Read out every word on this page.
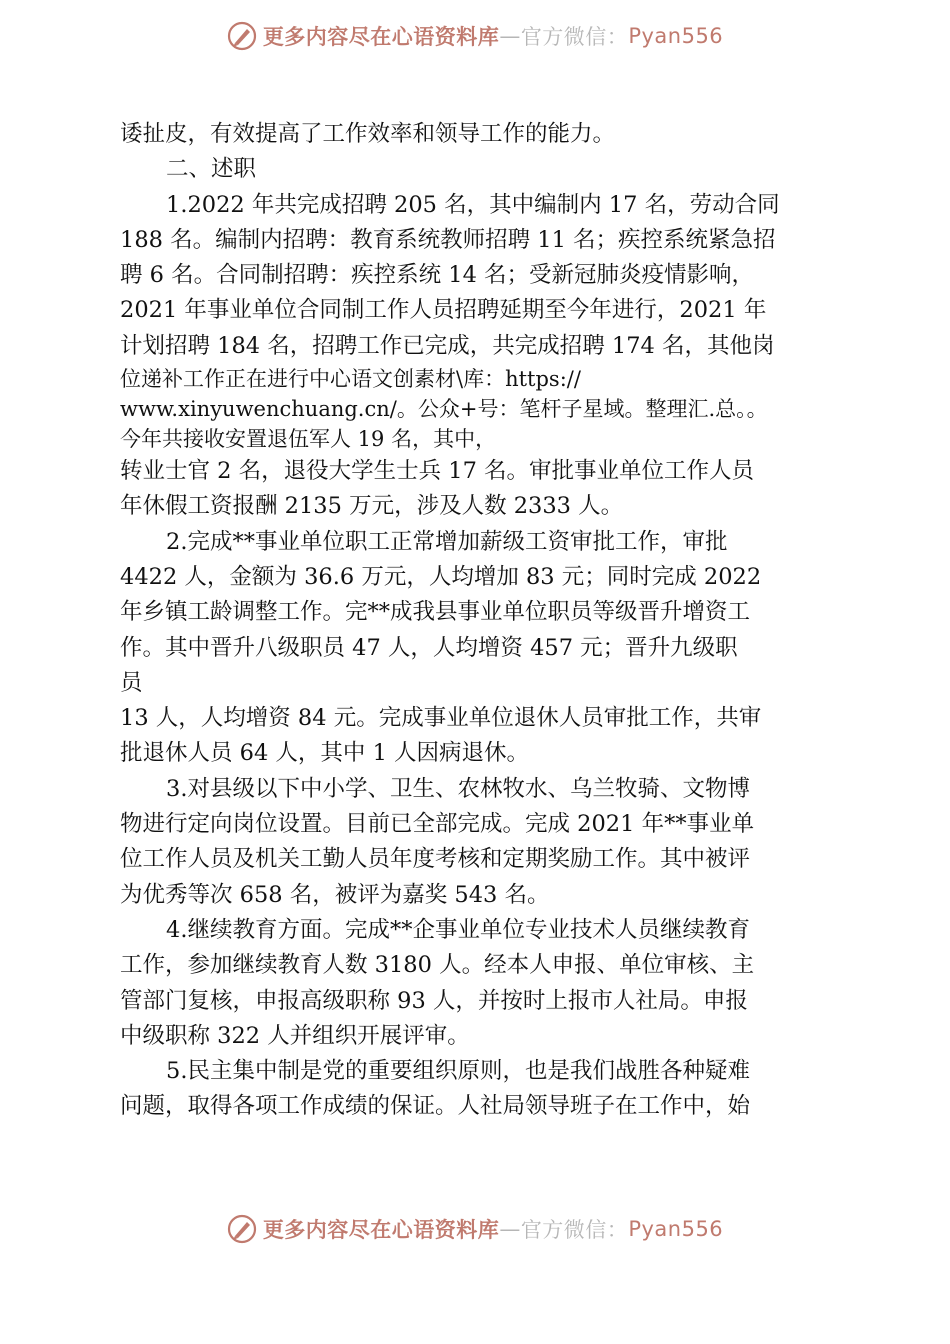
更多内容尽在心语资料库 — 官方微信： Pyan556
诿扯皮，有效提高了工作效率和领导工作的能力。
二、述职
1.2022 年共完成招聘 205 名，其中编制内 17 名，劳动合同
188 名。编制内招聘：教育系统教师招聘 11 名；疾控系统紧急招
聘 6 名。合同制招聘：疾控系统 14 名；受新冠肺炎疫情影响，
2021 年事业单位合同制工作人员招聘延期至今年进行，2021 年
计划招聘 184 名，招聘工作已完成，共完成招聘 174 名，其他岗
位递补工作正在进行中心语文创素材\库：https://
www.xinyuwenchuang.cn/。公众+号：笔杆子星域。整理汇.总。。
今年共接收安置退伍军人 19 名，其中，
转业士官 2 名，退役大学生士兵 17 名。审批事业单位工作人员
年休假工资报酬 2135 万元，涉及人数 2333 人。
2.完成**事业单位职工正常增加薪级工资审批工作，审批
4422 人，金额为 36.6 万元，人均增加 83 元；同时完成 2022
年乡镇工龄调整工作。完**成我县事业单位职员等级晋升增资工
作。其中晋升八级职员 47 人，人均增资 457 元；晋升九级职
员
13 人，人均增资 84 元。完成事业单位退休人员审批工作，共审
批退休人员 64 人，其中 1 人因病退休。
3.对县级以下中小学、卫生、农林牧水、乌兰牧骑、文物博
物进行定向岗位设置。目前已全部完成。完成 2021 年**事业单
位工作人员及机关工勤人员年度考核和定期奖励工作。其中被评
为优秀等次 658 名，被评为嘉奖 543 名。
4.继续教育方面。完成**企事业单位专业技术人员继续教育
工作，参加继续教育人数 3180 人。经本人申报、单位审核、主
管部门复核，申报高级职称 93 人，并按时上报市人社局。申报
中级职称 322 人并组织开展评审。
5.民主集中制是党的重要组织原则，也是我们战胜各种疑难
问题，取得各项工作成绩的保证。人社局领导班子在工作中，始
更多内容尽在心语资料库 — 官方微信： Pyan556
